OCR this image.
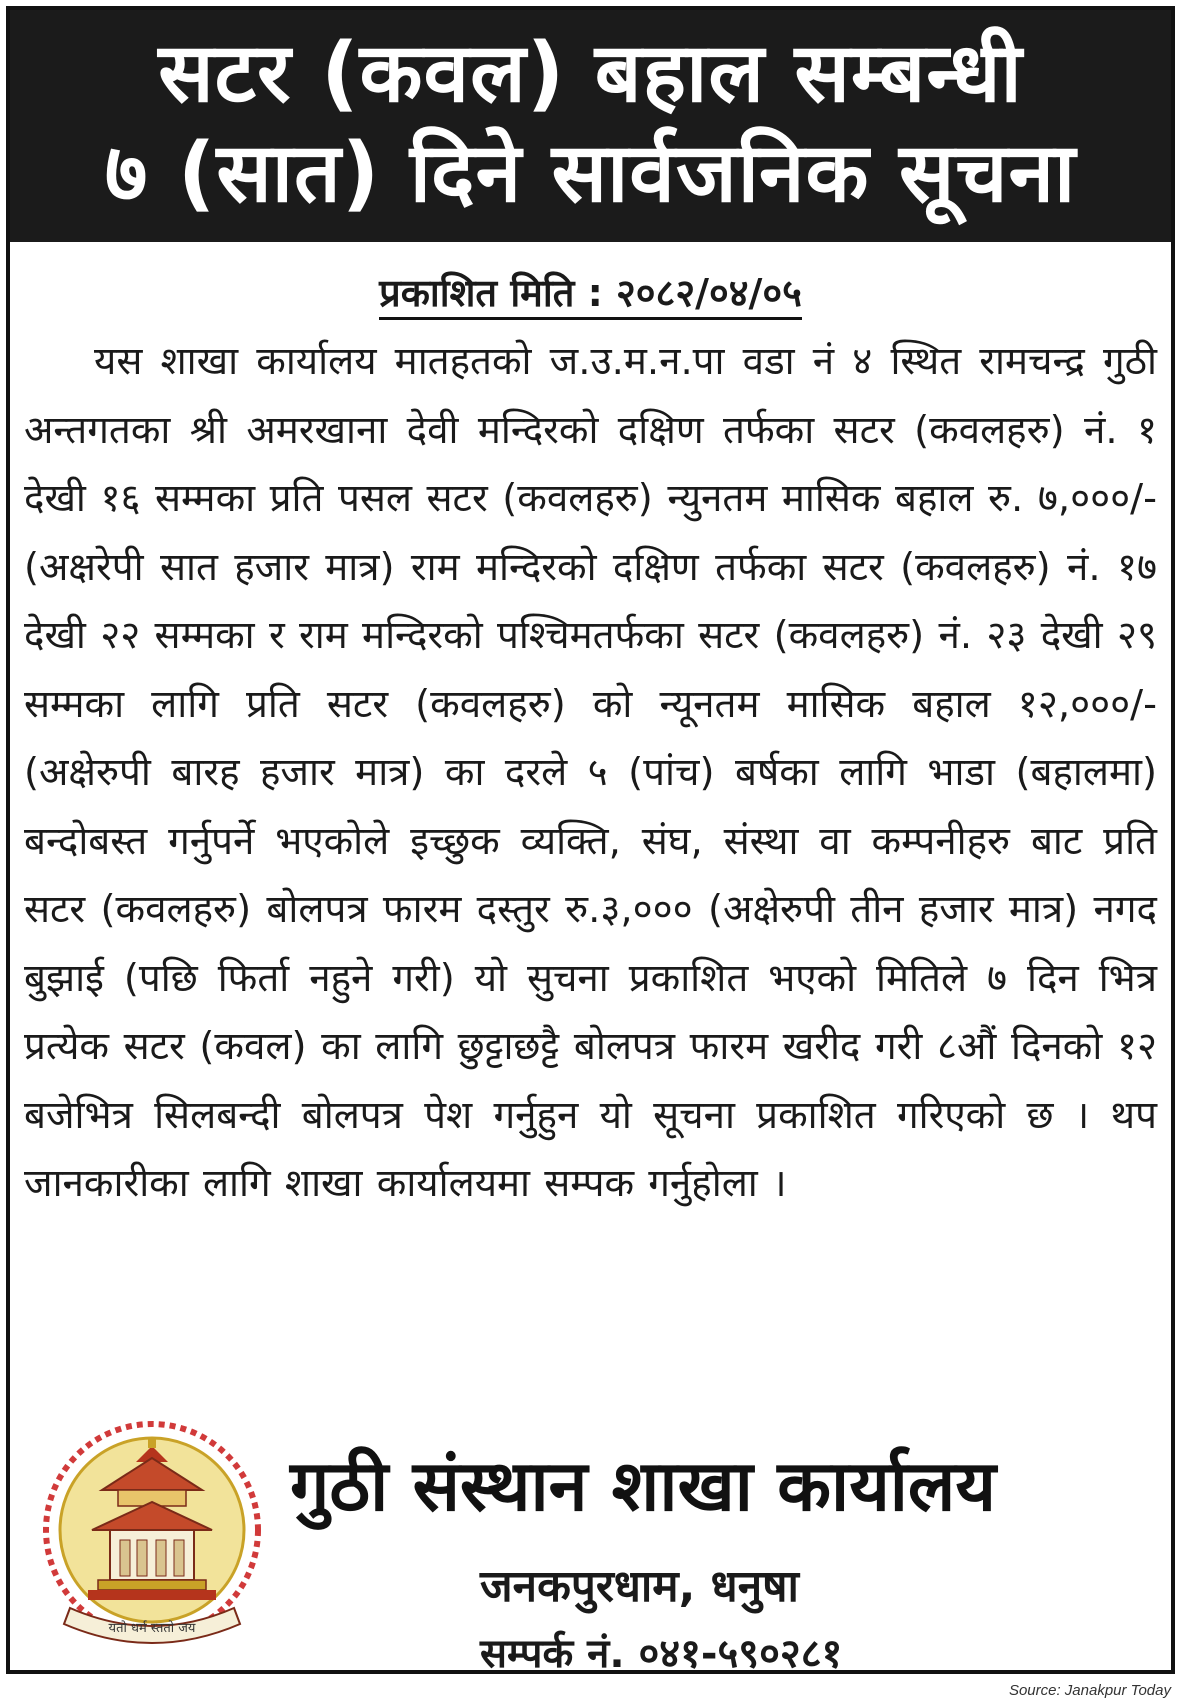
सटर (कवल) बहाल सम्बन्धी
७ (सात) दिने सार्वजनिक सूचना
प्रकाशित मिति : २०८२/०४/०५
यस शाखा कार्यालय मातहतको ज.उ.म.न.पा वडा नं ४ स्थित रामचन्द्र गुठी अन्तगतका श्री अमरखाना देवी मन्दिरको दक्षिण तर्फका सटर (कवलहरु) नं. १ देखी १६ सम्मका प्रति पसल सटर (कवलहरु) न्युनतम मासिक बहाल रु. ७,०००/- (अक्षरेपी सात हजार मात्र) राम मन्दिरको दक्षिण तर्फका सटर (कवलहरु) नं. १७ देखी २२ सम्मका र राम मन्दिरको पश्चिमतर्फका सटर (कवलहरु) नं. २३ देखी २९ सम्मका लागि प्रति सटर (कवलहरु) को न्यूनतम मासिक बहाल १२,०००/- (अक्षेरुपी बारह हजार मात्र) का दरले ५ (पांच) बर्षका लागि भाडा (बहालमा) बन्दोबस्त गर्नुपर्ने भएकोले इच्छुक व्यक्ति, संघ, संस्था वा कम्पनीहरु बाट प्रति सटर (कवलहरु) बोलपत्र फारम दस्तुर रु.३,००० (अक्षेरुपी तीन हजार मात्र) नगद बुझाई (पछि फिर्ता नहुने गरी) यो सुचना प्रकाशित भएको मितिले ७ दिन भित्र प्रत्येक सटर (कवल) का लागि छुट्टाछट्टै बोलपत्र फारम खरीद गरी ८औं दिनको १२ बजेभित्र सिलबन्दी बोलपत्र पेश गर्नुहुन यो सूचना प्रकाशित गरिएको छ । थप जानकारीका लागि शाखा कार्यालयमा सम्पक गर्नुहोला ।
यतो धर्म स्ततो जय
गुठी संस्थान शाखा कार्यालय
जनकपुरधाम, धनुषा
सम्पर्क नं. ०४१-५९०२८१
Source: Janakpur Today
